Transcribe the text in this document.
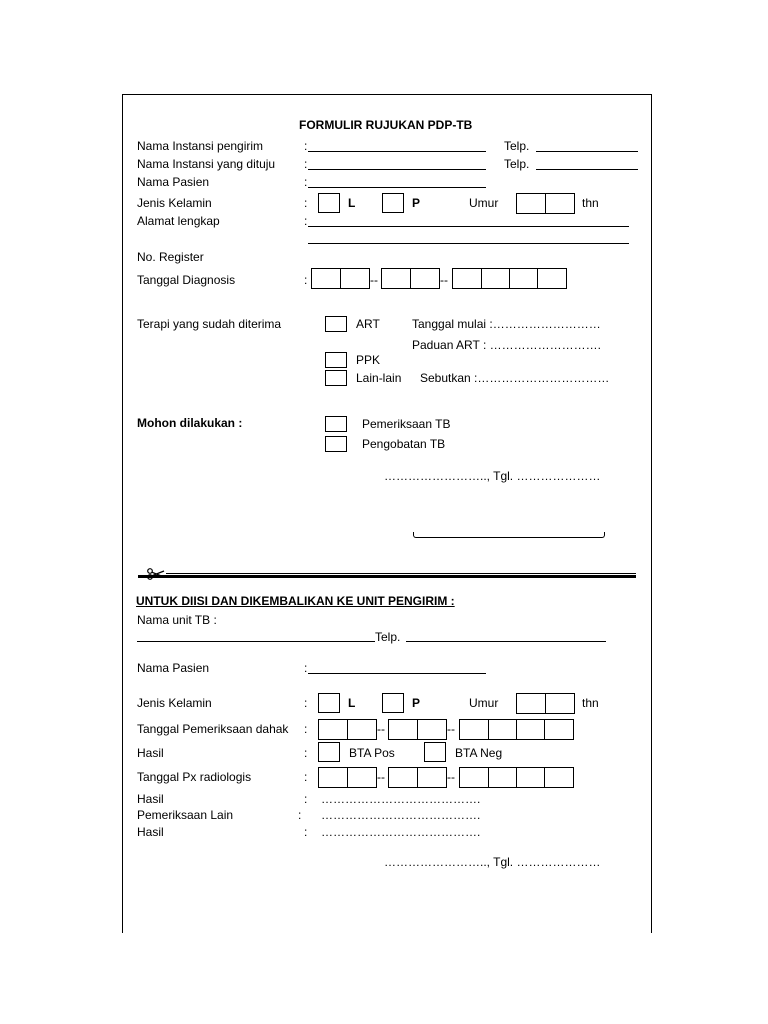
FORMULIR RUJUKAN PDP-TB
Nama Instansi pengirim	:	Telp.
Nama Instansi yang dituju :	Telp.
Nama Pasien	:
Jenis Kelamin	:	L	P	Umur	thn
Alamat lengkap	:
No. Register
Tanggal Diagnosis	:	--	--
Terapi yang sudah diterima	ART	Tanggal mulai :………………………
Paduan ART : ……………………….
PPK
Lain-lain Sebutkan :……………………………
Mohon dilakukan :	Pemeriksaan TB
Pengobatan TB
…………………….., Tgl. …………………
UNTUK DIISI DAN DIKEMBALIKAN KE UNIT PENGIRIM :
Nama unit TB :
Telp.
Nama Pasien	:
Jenis Kelamin	:	L	P	Umur	thn
Tanggal Pemeriksaan dahak :	--	--
Hasil	:	BTA Pos	BTA Neg
Tanggal Px radiologis	:	--	--
Hasil	: ………………………………….
Pemeriksaan Lain	: ………………………………….
Hasil	: ………………………………….
…………………….., Tgl. …………………
